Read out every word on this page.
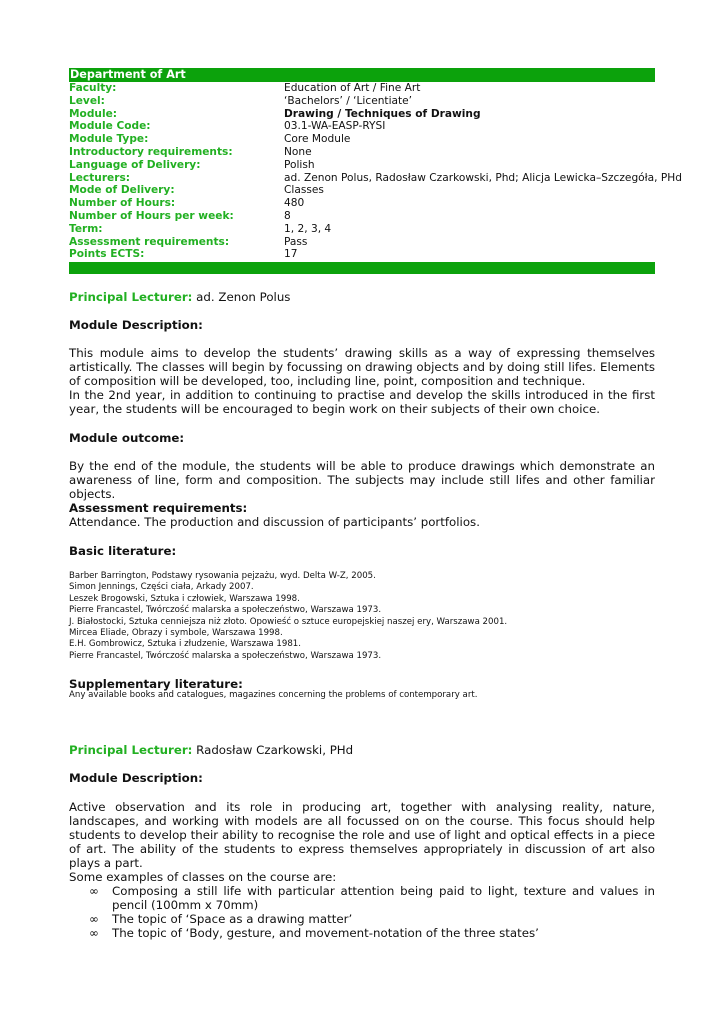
Department of Art
Faculty:	Education of Art / Fine Art
Level:	‘Bachelors’ / ‘Licentiate’
Module:	Drawing / Techniques of Drawing
Module Code:	03.1-WA-EASP-RYSI
Module Type:	Core Module
Introductory requirements:	None
Language of Delivery:	Polish
Lecturers:	ad. Zenon Polus, Radosław Czarkowski, Phd; Alicja Lewicka–Szczegóła, PHd
Mode of Delivery:	Classes
Number of Hours:	480
Number of Hours per week:	8
Term:	1, 2, 3, 4
Assessment requirements:	Pass
Points ECTS:	17
Principal Lecturer: ad. Zenon Polus
Module Description:

This module aims to develop the students’ drawing skills as a way of expressing themselves artistically. The classes will begin by focussing on drawing objects and by doing still lifes. Elements of composition will be developed, too, including line, point, composition and technique.

In the 2nd year, in addition to continuing to practise and develop the skills introduced in the first year, the students will be encouraged to begin work on their subjects of their own choice.

Module outcome:

By the end of the module, the students will be able to produce drawings which demonstrate an awareness of line, form and composition. The subjects may include still lifes and other familiar objects.

Assessment requirements:

Attendance. The production and discussion of participants’ portfolios.

Basic literature:
Barber Barrington, Podstawy rysowania pejzażu, wyd. Delta W-Z, 2005.
Simon Jennings, Części ciała, Arkady 2007.
Leszek Brogowski, Sztuka i człowiek, Warszawa 1998.
Pierre Francastel, Twórczość malarska a społeczeństwo, Warszawa 1973.
J. Białostocki, Sztuka cenniejsza niż złoto. Opowieść o sztuce europejskiej naszej ery, Warszawa 2001.
Mircea Eliade, Obrazy i symbole, Warszawa 1998.
E.H. Gombrowicz, Sztuka i złudzenie, Warszawa 1981.
Pierre Francastel, Twórczość malarska a społeczeństwo, Warszawa 1973.
Supplementary literature:
Any available books and catalogues, magazines concerning the problems of contemporary art.
Principal Lecturer: Radosław Czarkowski, PHd
Module Description:

Active observation and its role in producing art, together with analysing reality, nature, landscapes, and working with models are all focussed on on the course. This focus should help students to develop their ability to recognise the role and use of light and optical effects in a piece of art. The ability of the students to express themselves appropriately in discussion of art also plays a part.

Some examples of classes on the course are:

∞ Composing a still life with particular attention being paid to light, texture and values in pencil (100mm x 70mm)
∞ The topic of ‘Space as a drawing matter’
∞ The topic of ‘Body, gesture, and movement-notation of the three states’
